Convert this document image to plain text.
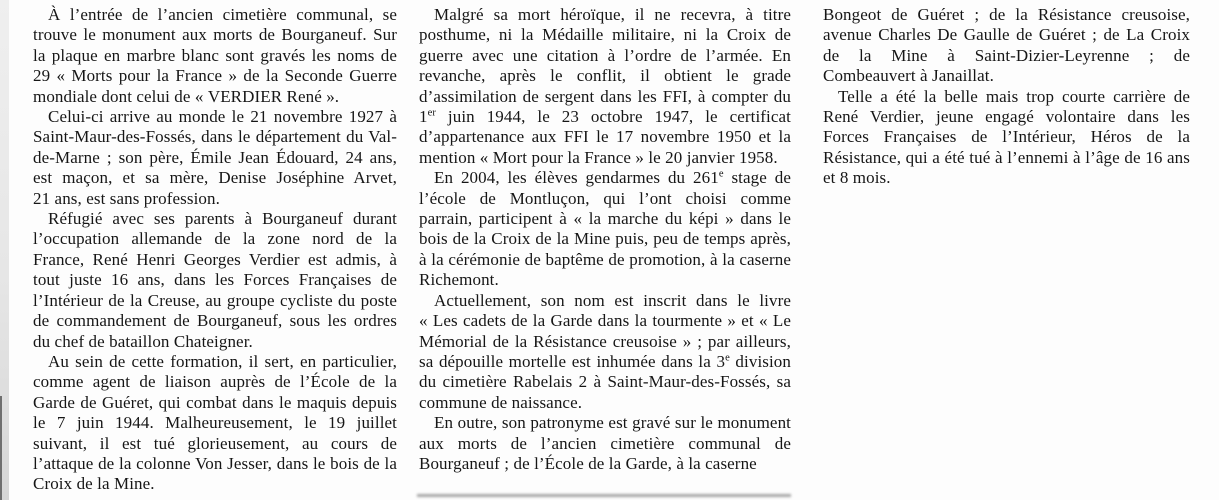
À l’entrée de l’ancien cimetière communal, se trouve le monument aux morts de Bourganeuf. Sur la plaque en marbre blanc sont gravés les noms de 29 « Morts pour la France » de la Seconde Guerre mondiale dont celui de « VERDIER René ».

Celui-ci arrive au monde le 21 novembre 1927 à Saint-Maur-des-Fossés, dans le département du Val-de-Marne ; son père, Émile Jean Édouard, 24 ans, est maçon, et sa mère, Denise Joséphine Arvet, 21 ans, est sans profession.

Réfugié avec ses parents à Bourganeuf durant l’occupation allemande de la zone nord de la France, René Henri Georges Verdier est admis, à tout juste 16 ans, dans les Forces Françaises de l’Intérieur de la Creuse, au groupe cycliste du poste de commandement de Bourganeuf, sous les ordres du chef de bataillon Chateigner.

Au sein de cette formation, il sert, en particulier, comme agent de liaison auprès de l’École de la Garde de Guéret, qui combat dans le maquis depuis le 7 juin 1944. Malheureusement, le 19 juillet suivant, il est tué glorieusement, au cours de l’attaque de la colonne Von Jesser, dans le bois de la Croix de la Mine.

Malgré sa mort héroïque, il ne recevra, à titre posthume, ni la Médaille militaire, ni la Croix de guerre avec une citation à l’ordre de l’armée. En revanche, après le conflit, il obtient le grade d’assimilation de sergent dans les FFI, à compter du 1er juin 1944, le 23 octobre 1947, le certificat d’appartenance aux FFI le 17 novembre 1950 et la mention « Mort pour la France » le 20 janvier 1958.

En 2004, les élèves gendarmes du 261e stage de l’école de Montluçon, qui l’ont choisi comme parrain, participent à « la marche du képi » dans le bois de la Croix de la Mine puis, peu de temps après, à la cérémonie de baptême de promotion, à la caserne Richemont.

Actuellement, son nom est inscrit dans le livre « Les cadets de la Garde dans la tourmente » et « Le Mémorial de la Résistance creusoise » ; par ailleurs, sa dépouille mortelle est inhumée dans la 3e division du cimetière Rabelais 2 à Saint-Maur-des-Fossés, sa commune de naissance.

En outre, son patronyme est gravé sur le monument aux morts de l’ancien cimetière communal de Bourganeuf ; de l’École de la Garde, à la caserne

Bongeot de Guéret ; de la Résistance creusoise, avenue Charles De Gaulle de Guéret ; de La Croix de la Mine à Saint-Dizier-Leyrenne ; de Combeauvert à Janaillat.

Telle a été la belle mais trop courte carrière de René Verdier, jeune engagé volontaire dans les Forces Françaises de l’Intérieur, Héros de la Résistance, qui a été tué à l’ennemi à l’âge de 16 ans et 8 mois.
